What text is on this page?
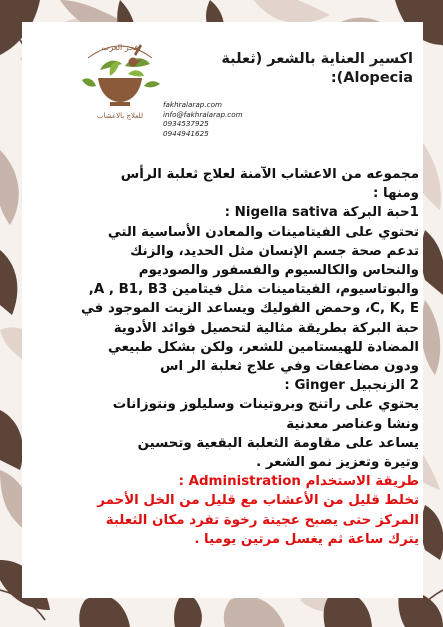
فخر العرب
للعلاج بالاعشاب
اكسير العناية بالشعر (ثعلبة Alopecia):
fakhralarap.com
info@fakhralarap.com
0934537925
0944941625

مجموعه من الاعشاب الآمنة لعلاج ثعلبة الرأس

ومنها :

1حبة البركة Nigella sativa :

تحتوي على الفيتامينات والمعادن الأساسية التي

تدعم صحة جسم الإنسان مثل الحديد، والزنك

والنحاس والكالسيوم والفسفور والصوديوم

والبوتاسيوم، الفيتامينات مثل فيتامين A , B1, B3,

C, K, E، وحمض الفوليك ويساعد الزيت الموجود في

حبة البركة بطريقة مثالية لتحصيل فوائد الأدوية

المضادة للهيستامين للشعر، ولكن بشكل طبيعي

ودون مضاعفات وفي علاج ثعلبة الر اس

2 الزنجبيل Ginger :

يحتوي على راتنج وبروتينات وسليلوز ونتوزانات

ونشا وعناصر معدنية

يساعد على مقاومة الثعلبة البقعية وتحسين

وتيرة وتعزيز نمو الشعر .

طريقة الاستخدام Administration :

تخلط قليل من الأعشاب مع قليل من الخل الأحمر

المركز حتى يصبح عجينة رخوة تفرد مكان الثعلبة

يترك ساعة ثم يغسل مرتين يوميا .
